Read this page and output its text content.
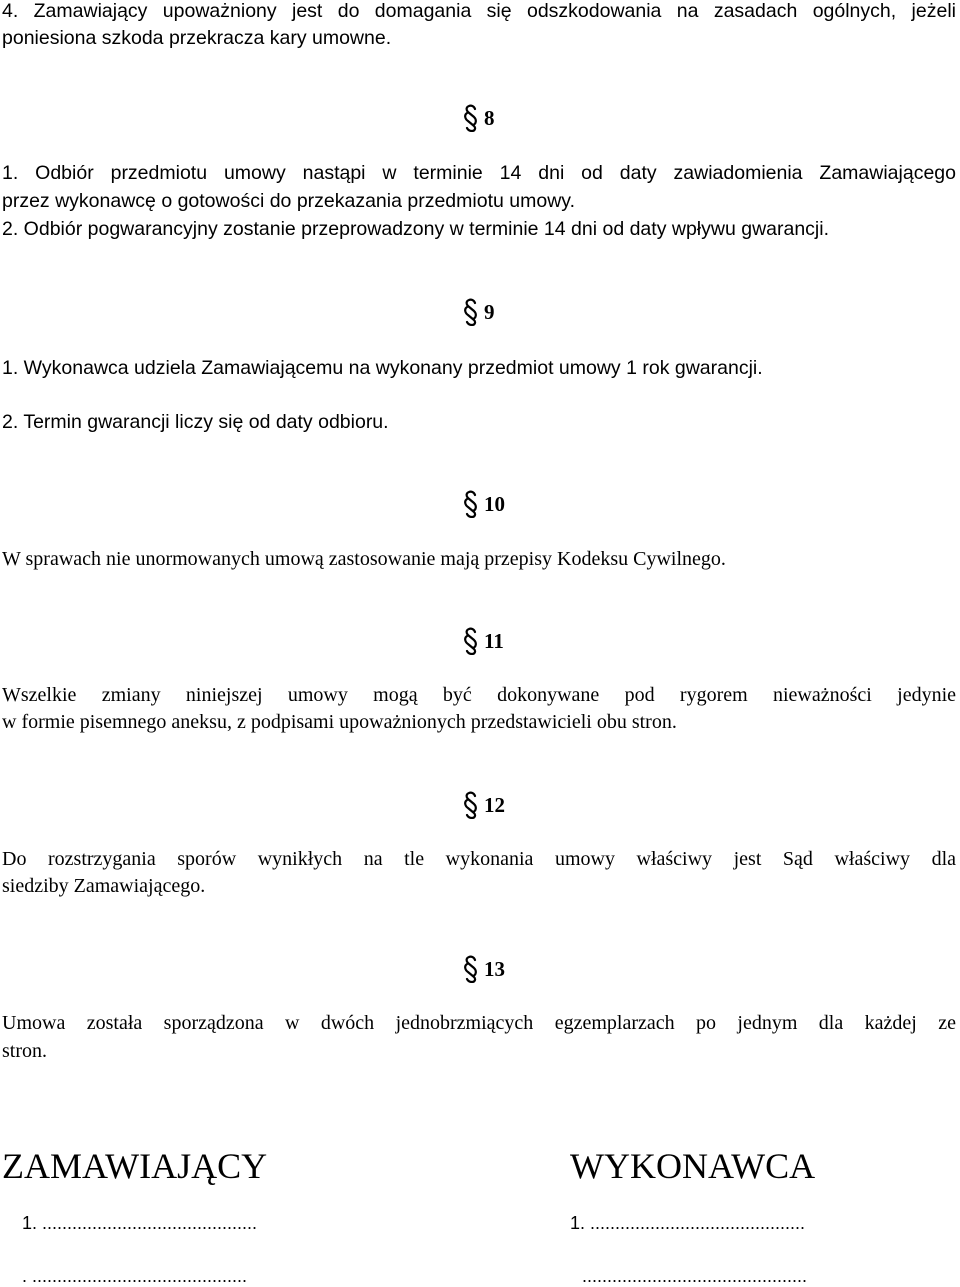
4. Zamawiający upoważniony jest do domagania się odszkodowania na zasadach ogólnych, jeżeli
poniesiona szkoda przekracza kary umowne.
8
1. Odbiór przedmiotu umowy nastąpi w terminie 14 dni od daty zawiadomienia Zamawiającego
przez wykonawcę o gotowości do przekazania przedmiotu umowy.
2. Odbiór pogwarancyjny zostanie przeprowadzony w terminie 14 dni od daty wpływu gwarancji.
9
1. Wykonawca udziela Zamawiającemu na wykonany przedmiot umowy 1 rok gwarancji.
2. Termin gwarancji liczy się od daty odbioru.
10
W sprawach nie unormowanych umową zastosowanie mają przepisy Kodeksu Cywilnego.
11
Wszelkie zmiany niniejszej umowy mogą być dokonywane pod rygorem nieważności jedynie
w formie pisemnego aneksu, z podpisami upoważnionych przedstawicieli obu stron.
12
Do rozstrzygania sporów wynikłych na tle wykonania umowy właściwy jest Sąd właściwy dla
siedziby Zamawiającego.
13
Umowa została sporządzona w dwóch jednobrzmiących egzemplarzach po jednym dla każdej ze
stron.
ZAMAWIAJĄCY	WYKONAWCA
1. ...........................................	1. ...........................................
. ...........................................	.............................................
